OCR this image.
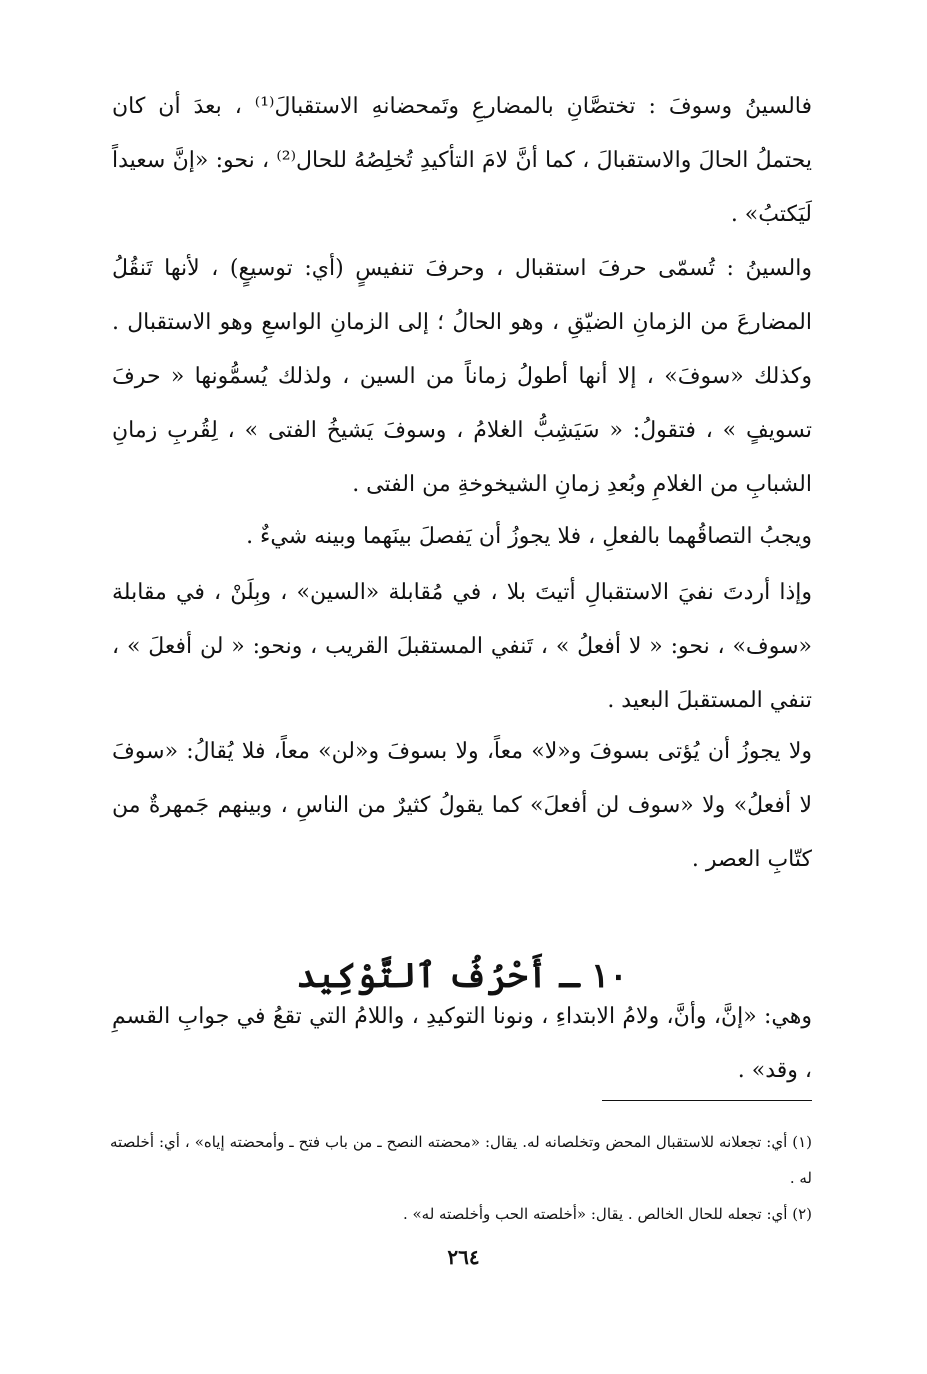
فالسينُ وسوفَ : تختصَّانِ بالمضارعِ وتَمحضانهِ الاستقبالَ⁽¹⁾ ، بعدَ أن كان يحتملُ الحالَ والاستقبالَ ، كما أنَّ لامَ التأكيدِ تُخلِصُهُ للحال⁽²⁾ ، نحو: «إنَّ سعيداً لَيَكتبُ» .

والسينُ : تُسمّى حرفَ استقبال ، وحرفَ تنفيسٍ (أي: توسيعٍ) ، لأنها تَنقُلُ المضارعَ من الزمانِ الضيّقِ ، وهو الحالُ ؛ إلى الزمانِ الواسعِ وهو الاستقبال . وكذلك «سوفَ» ، إلا أنها أطولُ زماناً من السين ، ولذلك يُسمُّونها « حرفَ تسويفٍ » ، فتقولُ: « سَيَشِبُّ الغلامُ ، وسوفَ يَشيخُ الفتى » ، لِقُربِ زمانِ الشبابِ من الغلامِ وبُعدِ زمانِ الشيخوخةِ من الفتى .

ويجبُ التصاقُهما بالفعلِ ، فلا يجوزُ أن يَفصلَ بينَهما وبينه شيءٌ .

وإذا أردتَ نفيَ الاستقبالِ أتيتَ بلا ، في مُقابلة «السين» ، وبِلَنْ ، في مقابلة «سوف» ، نحو: « لا أفعلُ » ، تَنفي المستقبلَ القريب ، ونحو: « لن أفعلَ » ، تنفي المستقبلَ البعيد .

ولا يجوزُ أن يُؤتى بسوفَ و«لا» معاً، ولا بسوفَ و«لن» معاً، فلا يُقالُ: «سوفَ لا أفعلُ» ولا «سوف لن أفعلَ» كما يقولُ كثيرٌ من الناسِ ، وبينهم جَمهرةٌ من كتّابِ العصر .

١٠ ـ أَحْرُفُ ٱلتَّوْكِيد

وهي: «إنَّ، وأنَّ، ولامُ الابتداءِ ، ونونا التوكيدِ ، واللامُ التي تقعُ في جوابِ القسمِ ، وقد» .

(١) أي: تجعلانه للاستقبال المحض وتخلصانه له. يقال: «محضته النصح ـ من باب فتح ـ وأمحضته إياه» ، أي: أخلصته له .

(٢) أي: تجعله للحال الخالص . يقال: «أخلصته الحب وأخلصته له» .

٢٦٤
